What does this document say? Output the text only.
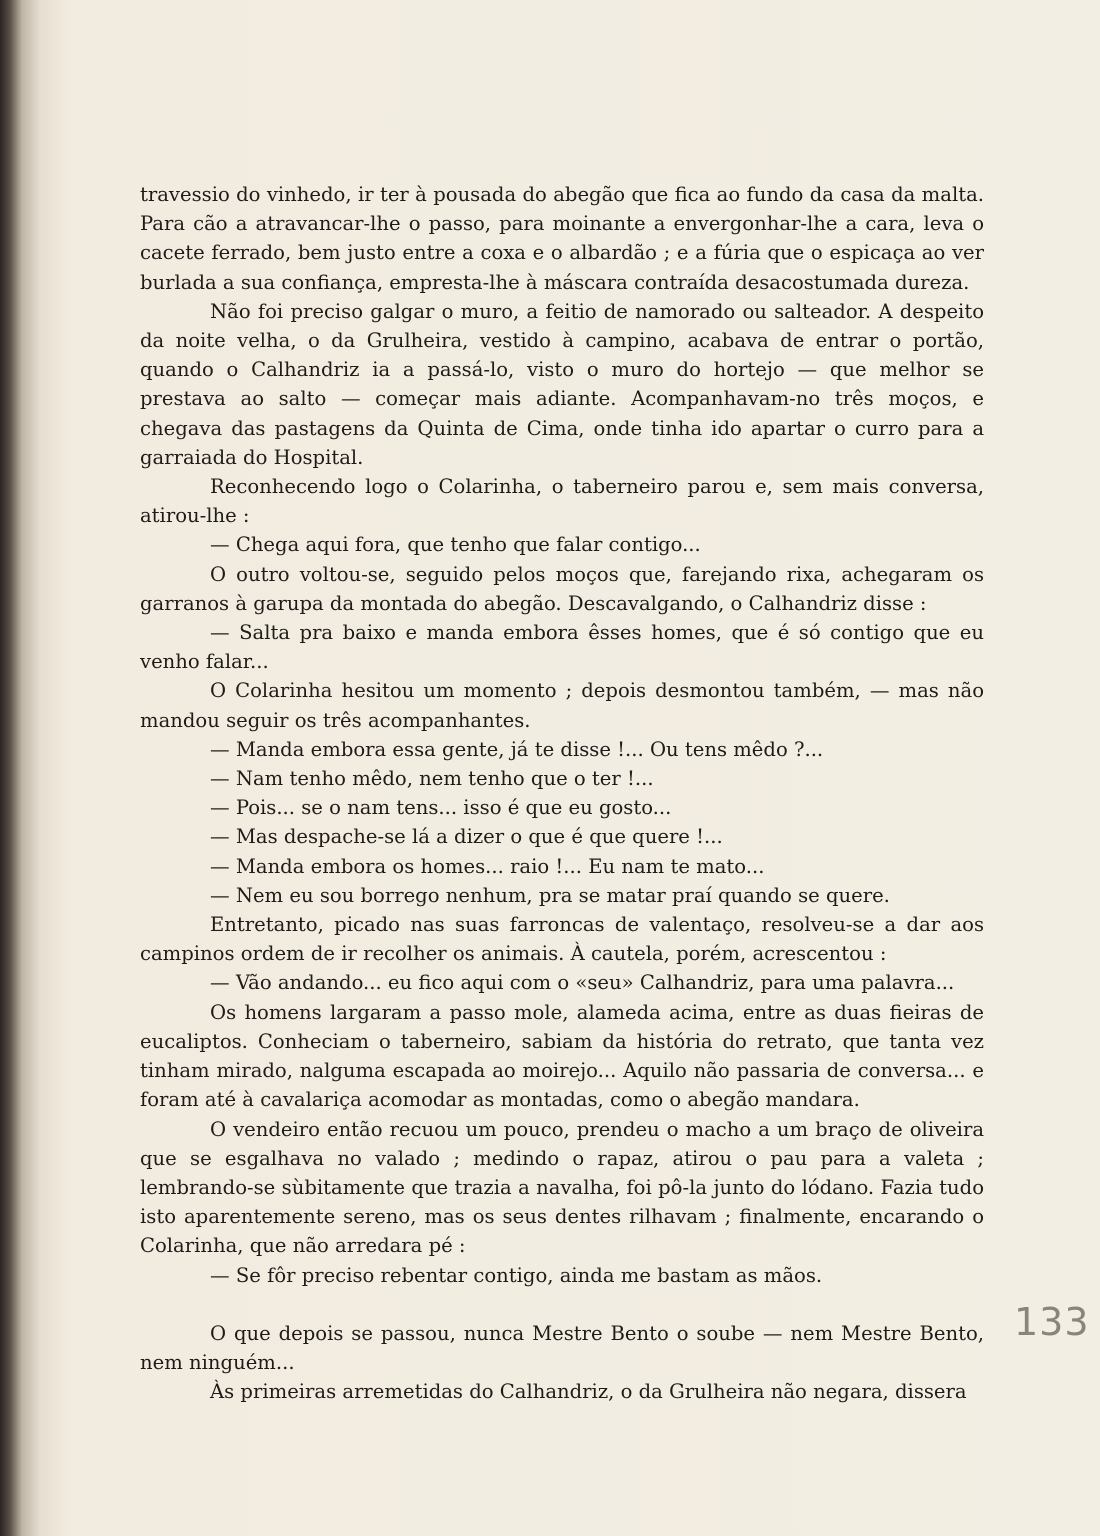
travessio do vinhedo, ir ter à pousada do abegão que fica ao fundo da casa da malta. Para cão a atravancar-lhe o passo, para moinante a envergonhar-lhe a cara, leva o cacete ferrado, bem justo entre a coxa e o albardão ; e a fúria que o espicaça ao ver burlada a sua confiança, empresta-lhe à máscara contraída desacostumada dureza.

Não foi preciso galgar o muro, a feitio de namorado ou salteador. A despeito da noite velha, o da Grulheira, vestido à campino, acabava de entrar o portão, quando o Calhandriz ia a passá-lo, visto o muro do hortejo — que melhor se prestava ao salto — começar mais adiante. Acompanhavam-no três moços, e chegava das pastagens da Quinta de Cima, onde tinha ido apartar o curro para a garraiada do Hospital.

Reconhecendo logo o Colarinha, o taberneiro parou e, sem mais conversa, atirou-lhe :

— Chega aqui fora, que tenho que falar contigo...

O outro voltou-se, seguido pelos moços que, farejando rixa, achegaram os garranos à garupa da montada do abegão. Descavalgando, o Calhandriz disse :

— Salta pra baixo e manda embora êsses homes, que é só contigo que eu venho falar...

O Colarinha hesitou um momento ; depois desmontou também, — mas não mandou seguir os três acompanhantes.

— Manda embora essa gente, já te disse !... Ou tens mêdo ?...

— Nam tenho mêdo, nem tenho que o ter !...

— Pois... se o nam tens... isso é que eu gosto...

— Mas despache-se lá a dizer o que é que quere !...

— Manda embora os homes... raio !... Eu nam te mato...

— Nem eu sou borrego nenhum, pra se matar praí quando se quere.

Entretanto, picado nas suas farroncas de valentaço, resolveu-se a dar aos campinos ordem de ir recolher os animais. À cautela, porém, acrescentou :

— Vão andando... eu fico aqui com o «seu» Calhandriz, para uma palavra...

Os homens largaram a passo mole, alameda acima, entre as duas fieiras de eucaliptos. Conheciam o taberneiro, sabiam da história do retrato, que tanta vez tinham mirado, nalguma escapada ao moirejo... Aquilo não passaria de conversa... e foram até à cavalariça acomodar as montadas, como o abegão mandara.

O vendeiro então recuou um pouco, prendeu o macho a um braço de oliveira que se esgalhava no valado ; medindo o rapaz, atirou o pau para a valeta ; lembrando-se sùbitamente que trazia a navalha, foi pô-la junto do lódano. Fazia tudo isto aparentemente sereno, mas os seus dentes rilhavam ; finalmente, encarando o Colarinha, que não arredara pé :

— Se fôr preciso rebentar contigo, ainda me bastam as mãos.

O que depois se passou, nunca Mestre Bento o soube — nem Mestre Bento, nem ninguém...

Às primeiras arremetidas do Calhandriz, o da Grulheira não negara, dissera

133
